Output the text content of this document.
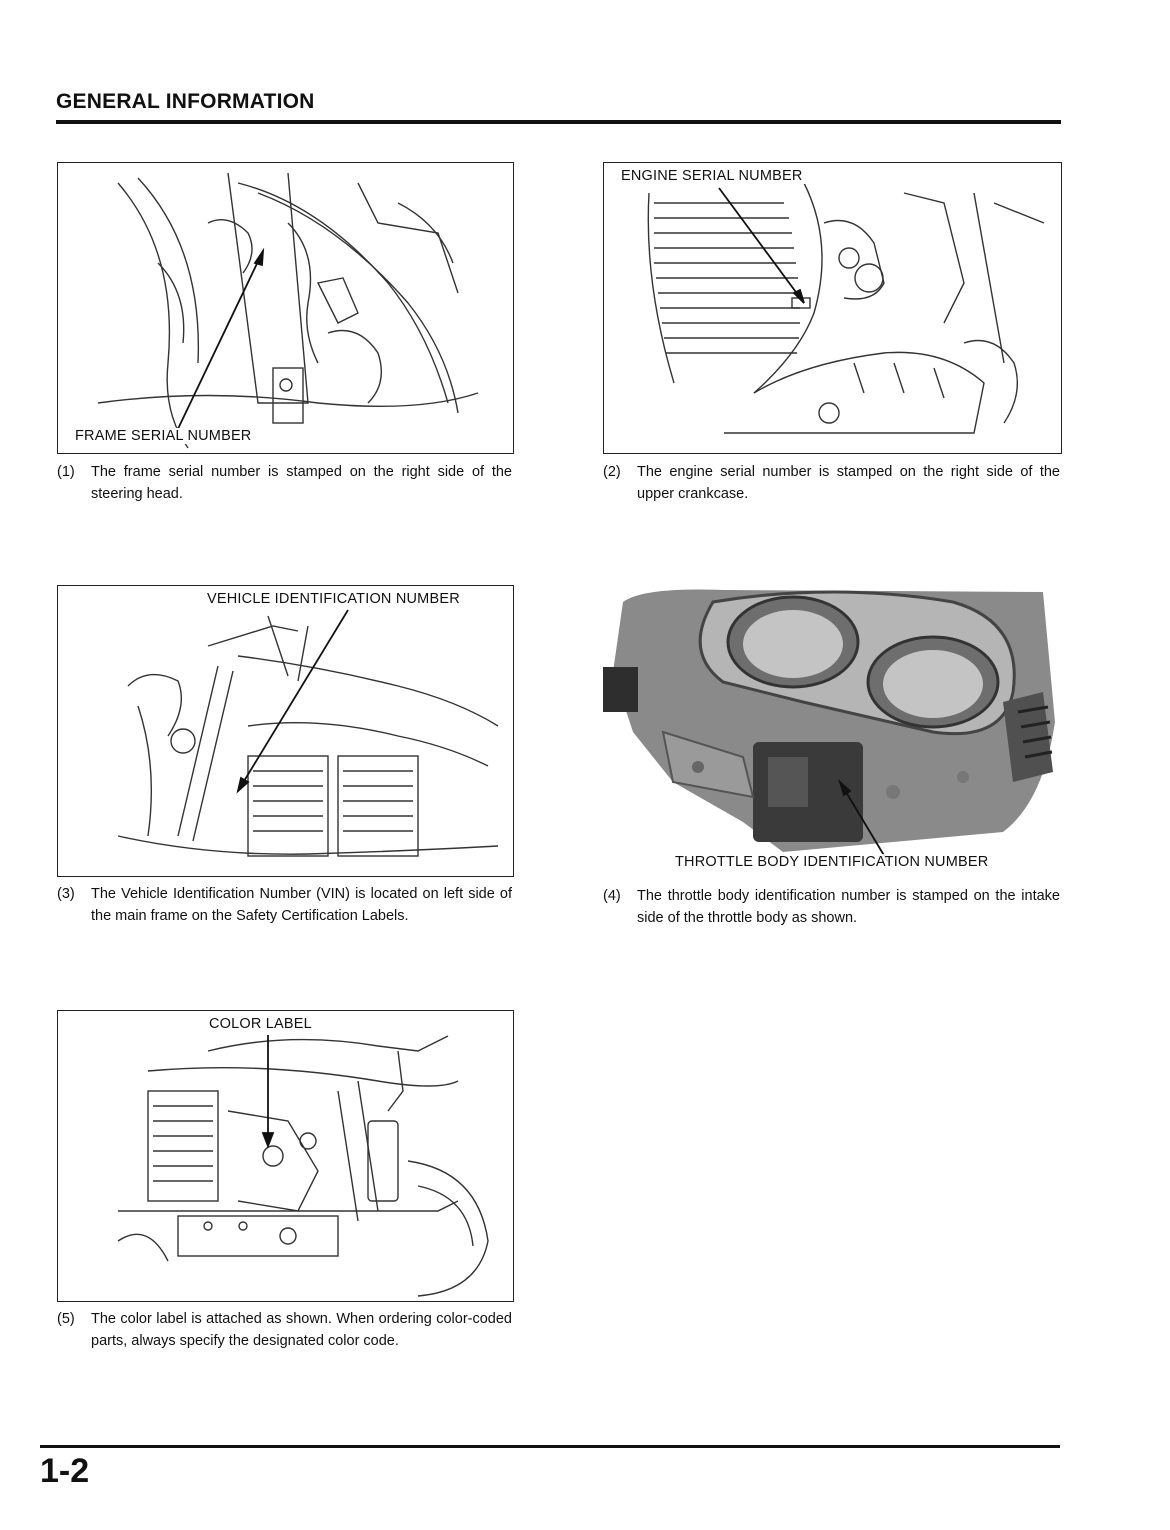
GENERAL INFORMATION
FRAME SERIAL NUMBER
(1) The frame serial number is stamped on the right side of the steering head.
ENGINE SERIAL NUMBER
(2) The engine serial number is stamped on the right side of the upper crankcase.
VEHICLE IDENTIFICATION NUMBER
(3) The Vehicle Identification Number (VIN) is located on left side of the main frame on the Safety Certification Labels.
THROTTLE BODY IDENTIFICATION NUMBER
(4) The throttle body identification number is stamped on the intake side of the throttle body as shown.
COLOR LABEL
(5) The color label is attached as shown. When ordering color-coded parts, always specify the designated color code.
1-2
